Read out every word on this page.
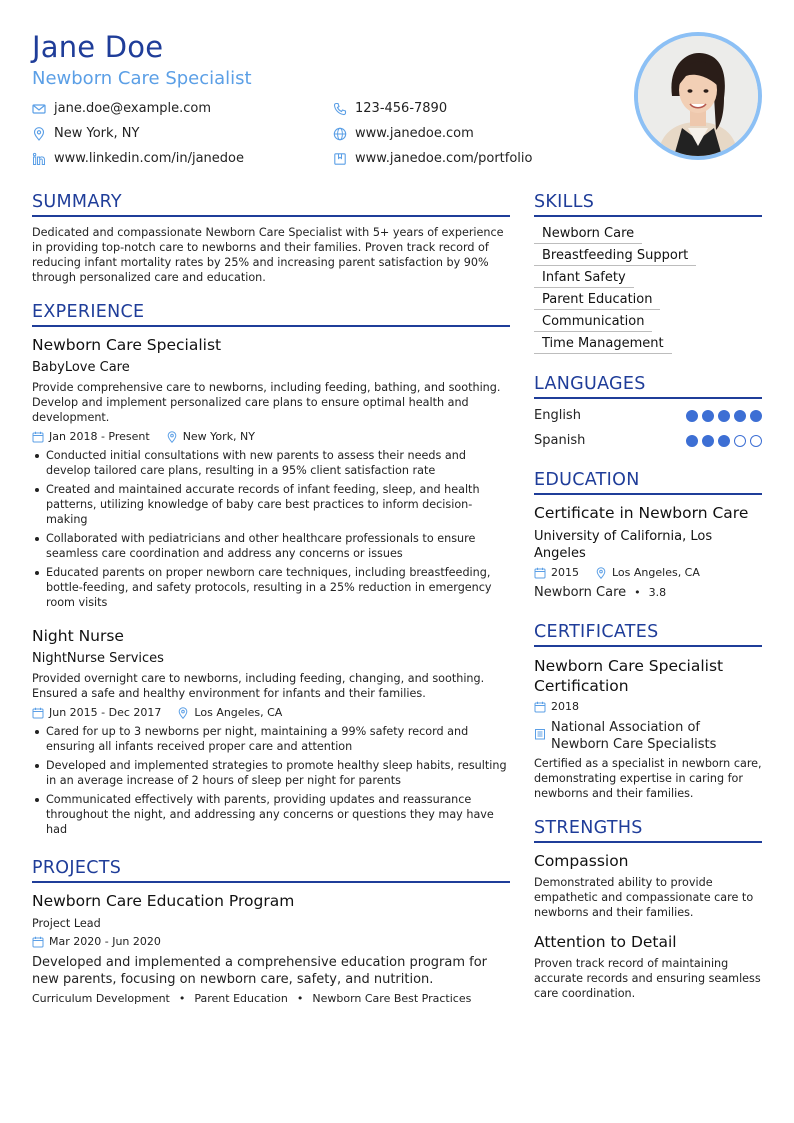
Jane Doe
Newborn Care Specialist
jane.doe@example.com	123-456-7890
New York, NY	www.janedoe.com
www.linkedin.com/in/janedoe	www.janedoe.com/portfolio
SUMMARY

Dedicated and compassionate Newborn Care Specialist with 5+ years of experience in providing top-notch care to newborns and their families. Proven track record of reducing infant mortality rates by 25% and increasing parent satisfaction by 90% through personalized care and education.

EXPERIENCE
Newborn Care Specialist
BabyLove Care

Provide comprehensive care to newborns, including feeding, bathing, and soothing. Develop and implement personalized care plans to ensure optimal health and development.

Jan 2018 - Present	New York, NY
Conducted initial consultations with new parents to assess their needs and develop tailored care plans, resulting in a 95% client satisfaction rate
Created and maintained accurate records of infant feeding, sleep, and health patterns, utilizing knowledge of baby care best practices to inform decision-making
Collaborated with pediatricians and other healthcare professionals to ensure seamless care coordination and address any concerns or issues
Educated parents on proper newborn care techniques, including breastfeeding, bottle-feeding, and safety protocols, resulting in a 25% reduction in emergency room visits
Night Nurse
NightNurse Services

Provided overnight care to newborns, including feeding, changing, and soothing. Ensured a safe and healthy environment for infants and their families.

Jun 2015 - Dec 2017	Los Angeles, CA
Cared for up to 3 newborns per night, maintaining a 99% safety record and ensuring all infants received proper care and attention
Developed and implemented strategies to promote healthy sleep habits, resulting in an average increase of 2 hours of sleep per night for parents
Communicated effectively with parents, providing updates and reassurance throughout the night, and addressing any concerns or questions they may have had
PROJECTS
Newborn Care Education Program
Project Lead
Mar 2020 - Jun 2020

Developed and implemented a comprehensive education program for new parents, focusing on newborn care, safety, and nutrition.

Curriculum Development • Parent Education • Newborn Care Best Practices
SKILLS
Newborn Care
Breastfeeding Support
Infant Safety
Parent Education
Communication
Time Management
LANGUAGES
English
Spanish
EDUCATION
Certificate in Newborn Care
University of California, Los Angeles
2015	Los Angeles, CA
Newborn Care • 3.8
CERTIFICATES
Newborn Care Specialist Certification
2018
National Association of Newborn Care Specialists

Certified as a specialist in newborn care, demonstrating expertise in caring for newborns and their families.

STRENGTHS
Compassion

Demonstrated ability to provide empathetic and compassionate care to newborns and their families.

Attention to Detail

Proven track record of maintaining accurate records and ensuring seamless care coordination.
